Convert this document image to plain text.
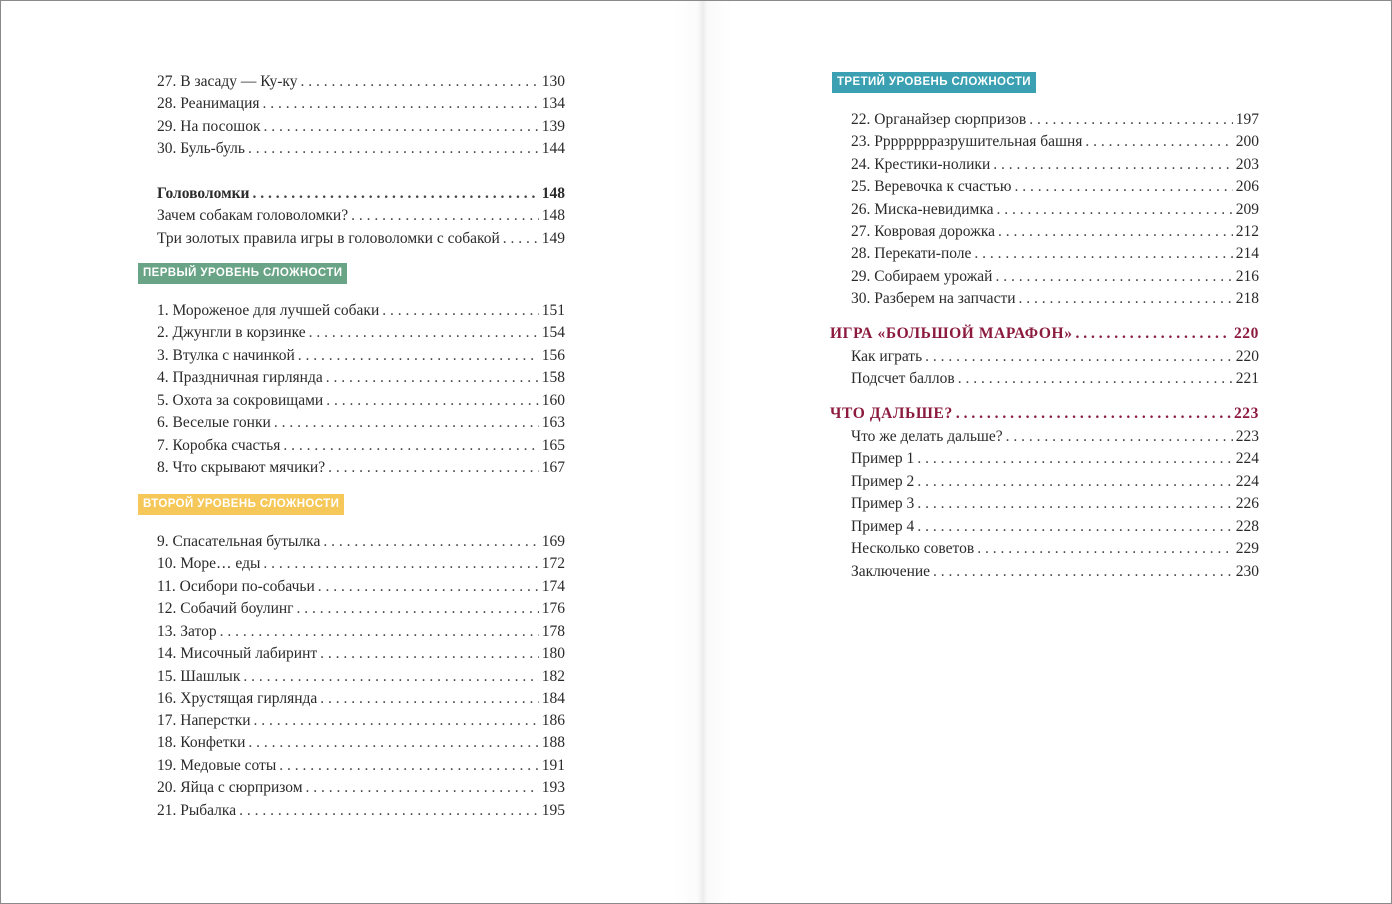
27. В засаду — Ку-ку . . .	130
28. Реанимация . . .	134
29. На посошок . . .	139
30. Буль-буль . . .	144
Головоломки . . .	148
Зачем собакам головоломки? . . .	148
Три золотых правила игры в головоломки с собакой . . .	149
ПЕРВЫЙ УРОВЕНЬ СЛОЖНОСТИ
1. Мороженое для лучшей собаки . . .	151
2. Джунгли в корзинке . . .	154
3. Втулка с начинкой . . .	156
4. Праздничная гирлянда . . .	158
5. Охота за сокровищами . . .	160
6. Веселые гонки . . .	163
7. Коробка счастья . . .	165
8. Что скрывают мячики? . . .	167
ВТОРОЙ УРОВЕНЬ СЛОЖНОСТИ
9. Спасательная бутылка . . .	169
10. Море… еды . . .	172
11. Осибори по-собачьи . . .	174
12. Собачий боулинг . . .	176
13. Затор . . .	178
14. Мисочный лабиринт . . .	180
15. Шашлык . . .	182
16. Хрустящая гирлянда . . .	184
17. Наперстки . . .	186
18. Конфетки . . .	188
19. Медовые соты . . .	191
20. Яйца с сюрпризом . . .	193
21. Рыбалка . . .	195
ТРЕТИЙ УРОВЕНЬ СЛОЖНОСТИ
22. Органайзер сюрпризов . . .	197
23. Рррррррразрушительная башня . . .	200
24. Крестики-нолики . . .	203
25. Веревочка к счастью . . .	206
26. Миска-невидимка . . .	209
27. Ковровая дорожка . . .	212
28. Перекати-поле . . .	214
29. Собираем урожай . . .	216
30. Разберем на запчасти . . .	218
ИГРА «БОЛЬШОЙ МАРАФОН» . . .	220
Как играть . . .	220
Подсчет баллов . . .	221
ЧТО ДАЛЬШЕ? . . .	223
Что же делать дальше? . . .	223
Пример 1 . . .	224
Пример 2 . . .	224
Пример 3 . . .	226
Пример 4 . . .	228
Несколько советов . . .	229
Заключение . . .	230
